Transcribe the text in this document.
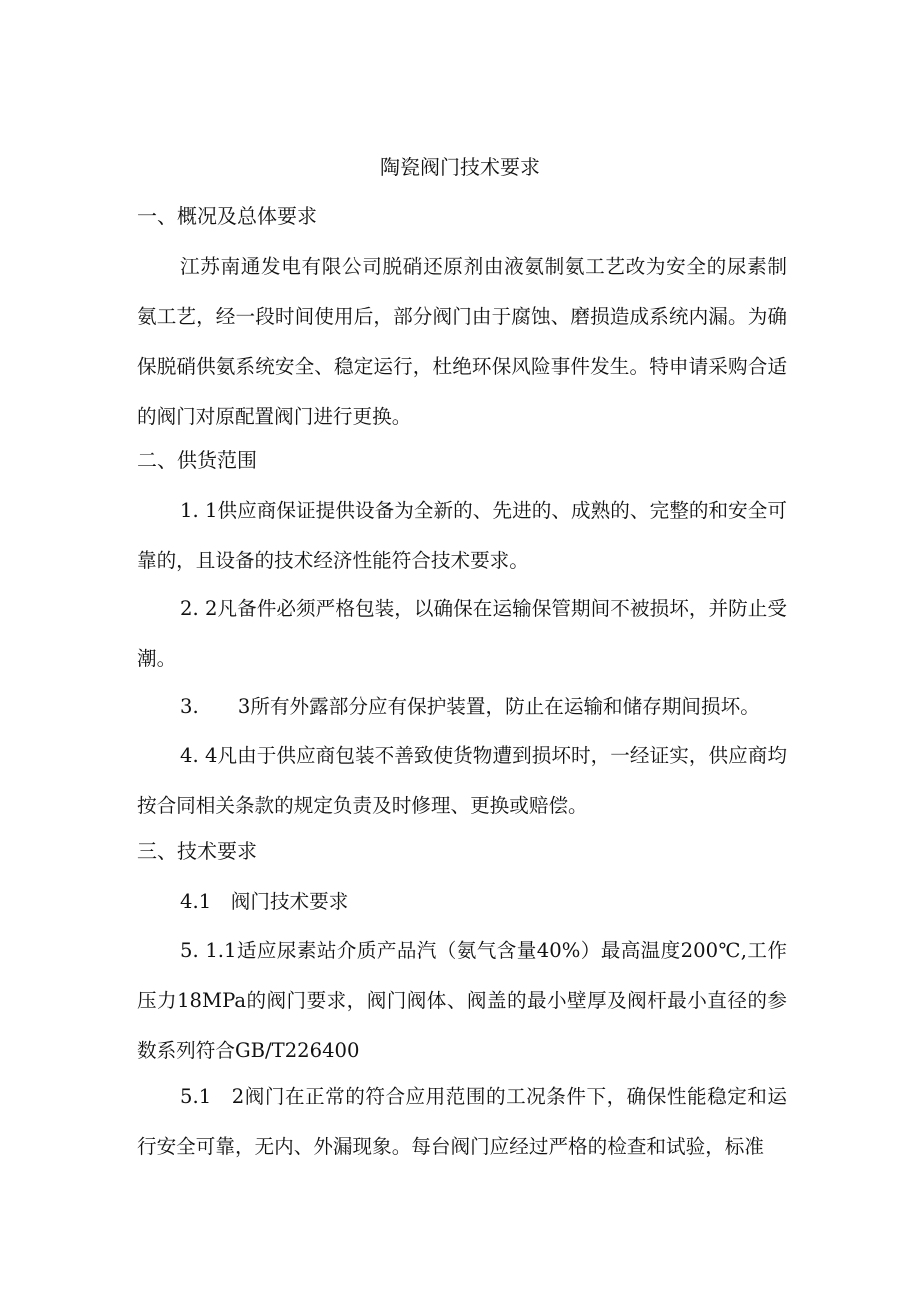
陶瓷阀门技术要求
一、概况及总体要求
江苏南通发电有限公司脱硝还原剂由液氨制氨工艺改为安全的尿素制氨工艺，经一段时间使用后，部分阀门由于腐蚀、磨损造成系统内漏。为确保脱硝供氨系统安全、稳定运行，杜绝环保风险事件发生。特申请采购合适的阀门对原配置阀门进行更换。
二、供货范围
1. 1供应商保证提供设备为全新的、先进的、成熟的、完整的和安全可靠的，且设备的技术经济性能符合技术要求。
2. 2凡备件必须严格包装，以确保在运输保管期间不被损坏，并防止受潮。
3.　　3所有外露部分应有保护装置，防止在运输和储存期间损坏。
4. 4凡由于供应商包装不善致使货物遭到损坏时，一经证实，供应商均按合同相关条款的规定负责及时修理、更换或赔偿。
三、技术要求
4.1　阀门技术要求
5. 1.1适应尿素站介质产品汽（氨气含量40%）最高温度200℃,工作压力18MPa的阀门要求，阀门阀体、阀盖的最小壁厚及阀杆最小直径的参数系列符合GB/T226400
5.1　2阀门在正常的符合应用范围的工况条件下，确保性能稳定和运行安全可靠，无内、外漏现象。每台阀门应经过严格的检查和试验，标准
